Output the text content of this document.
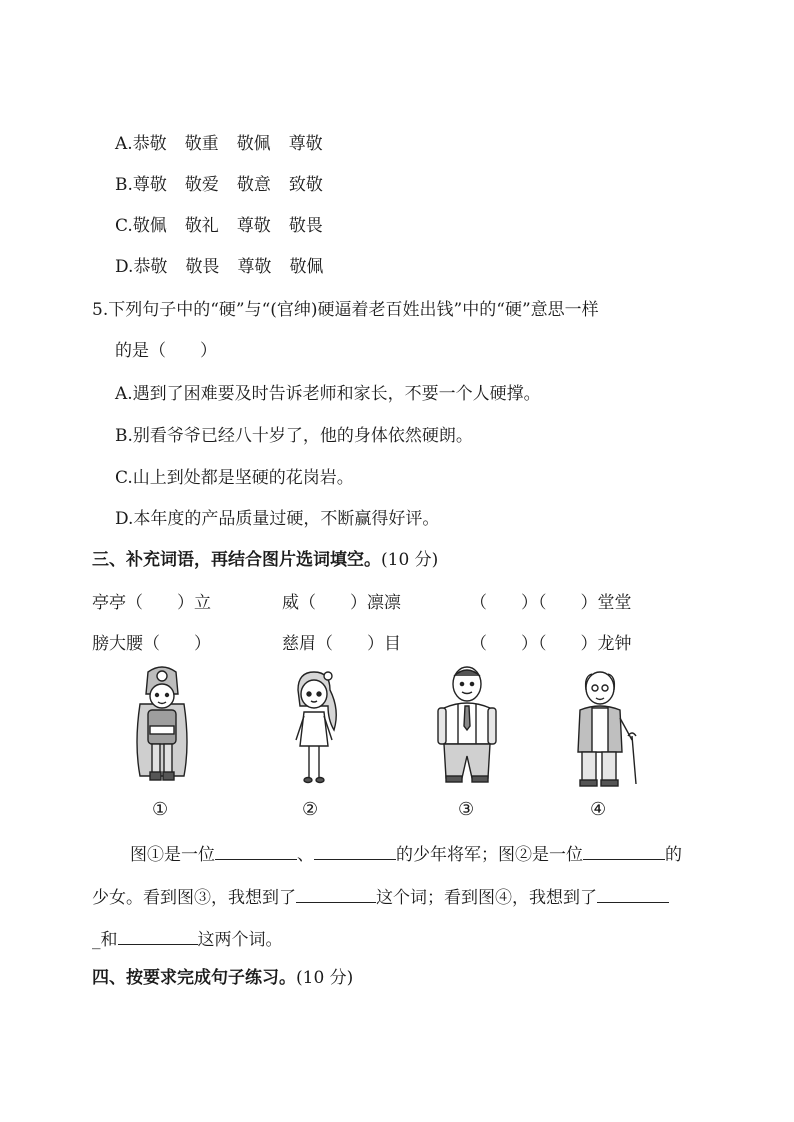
A.恭敬 敬重 敬佩 尊敬
B.尊敬 敬爱 敬意 致敬
C.敬佩 敬礼 尊敬 敬畏
D.恭敬 敬畏 尊敬 敬佩
5.下列句子中的“硬”与“(官绅)硬逼着老百姓出钱”中的“硬”意思一样
的是（　　）
A.遇到了困难要及时告诉老师和家长，不要一个人硬撑。
B.别看爷爷已经八十岁了，他的身体依然硬朗。
C.山上到处都是坚硬的花岗岩。
D.本年度的产品质量过硬，不断赢得好评。
三、补充词语，再结合图片选词填空。(10 分)
亭亭（　　）立	威（　　）凛凛	（　　）（　　）堂堂
膀大腰（　　）	慈眉（　　）目	（　　）（　　）龙钟
①	②	③	④
图①是一位	、	的少年将军；图②是一位	的
少女。看到图③，我想到了	这个词；看到图④，我想到了
_和	这两个词。
四、按要求完成句子练习。(10 分)
